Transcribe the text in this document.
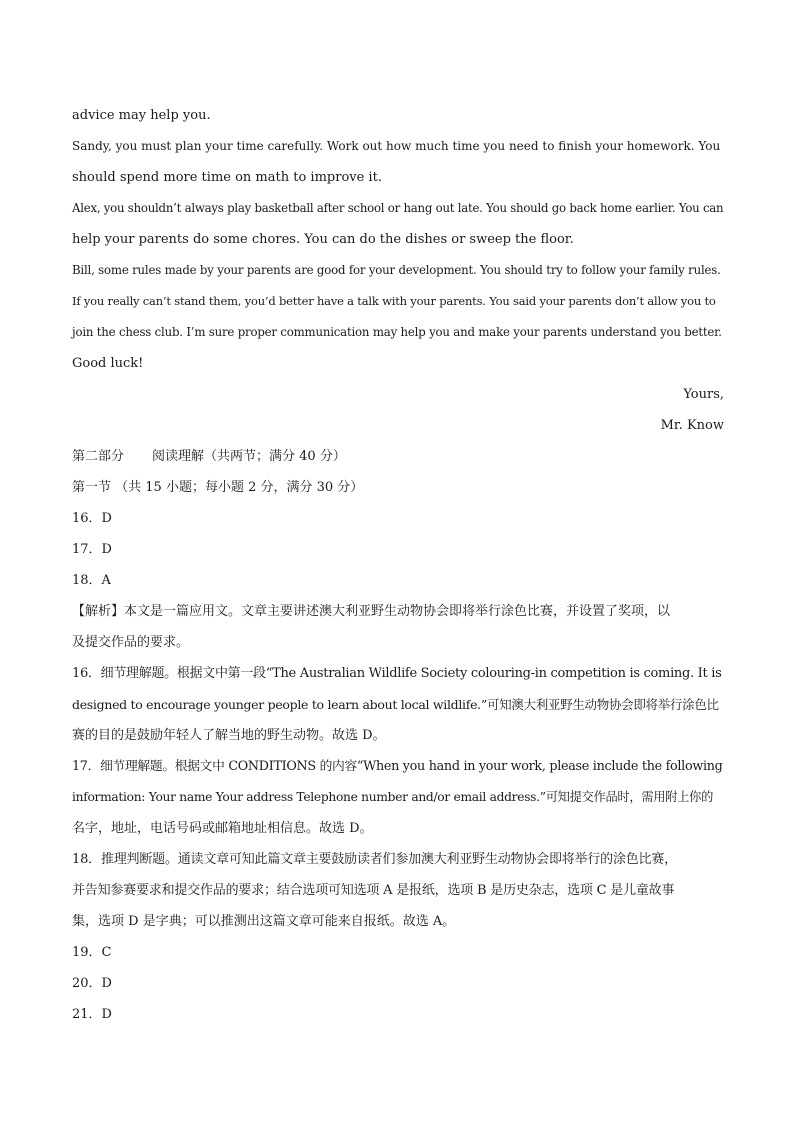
advice may help you.

Sandy, you must plan your time carefully. Work out how much time you need to finish your homework. You

should spend more time on math to improve it.

Alex, you shouldn’t always play basketball after school or hang out late. You should go back home earlier. You can

help your parents do some chores. You can do the dishes or sweep the floor.

Bill, some rules made by your parents are good for your development. You should try to follow your family rules.

If you really can’t stand them, you’d better have a talk with your parents. You said your parents don’t allow you to

join the chess club. I’m sure proper communication may help you and make your parents understand you better.

Good luck!

Yours,

Mr. Know

第二部分 阅读理解（共两节；满分 40 分）

第一节 （共 15 小题；每小题 2 分，满分 30 分）

16．D

17．D

18．A

【解析】本文是一篇应用文。文章主要讲述澳大利亚野生动物协会即将举行涂色比赛，并设置了奖项，以

及提交作品的要求。

16．细节理解题。根据文中第一段“The Australian Wildlife Society colouring-in competition is coming. It is

designed to encourage younger people to learn about local wildlife.”可知澳大利亚野生动物协会即将举行涂色比

赛的目的是鼓励年轻人了解当地的野生动物。故选 D。

17．细节理解题。根据文中 CONDITIONS 的内容“When you hand in your work, please include the following

information: Your name Your address Telephone number and/or email address.”可知提交作品时，需用附上你的

名字，地址，电话号码或邮箱地址相信息。故选 D。

18．推理判断题。通读文章可知此篇文章主要鼓励读者们参加澳大利亚野生动物协会即将举行的涂色比赛，

并告知参赛要求和提交作品的要求；结合选项可知选项 A 是报纸，选项 B 是历史杂志，选项 C 是儿童故事

集，选项 D 是字典；可以推测出这篇文章可能来自报纸。故选 A。

19．C

20．D

21．D
